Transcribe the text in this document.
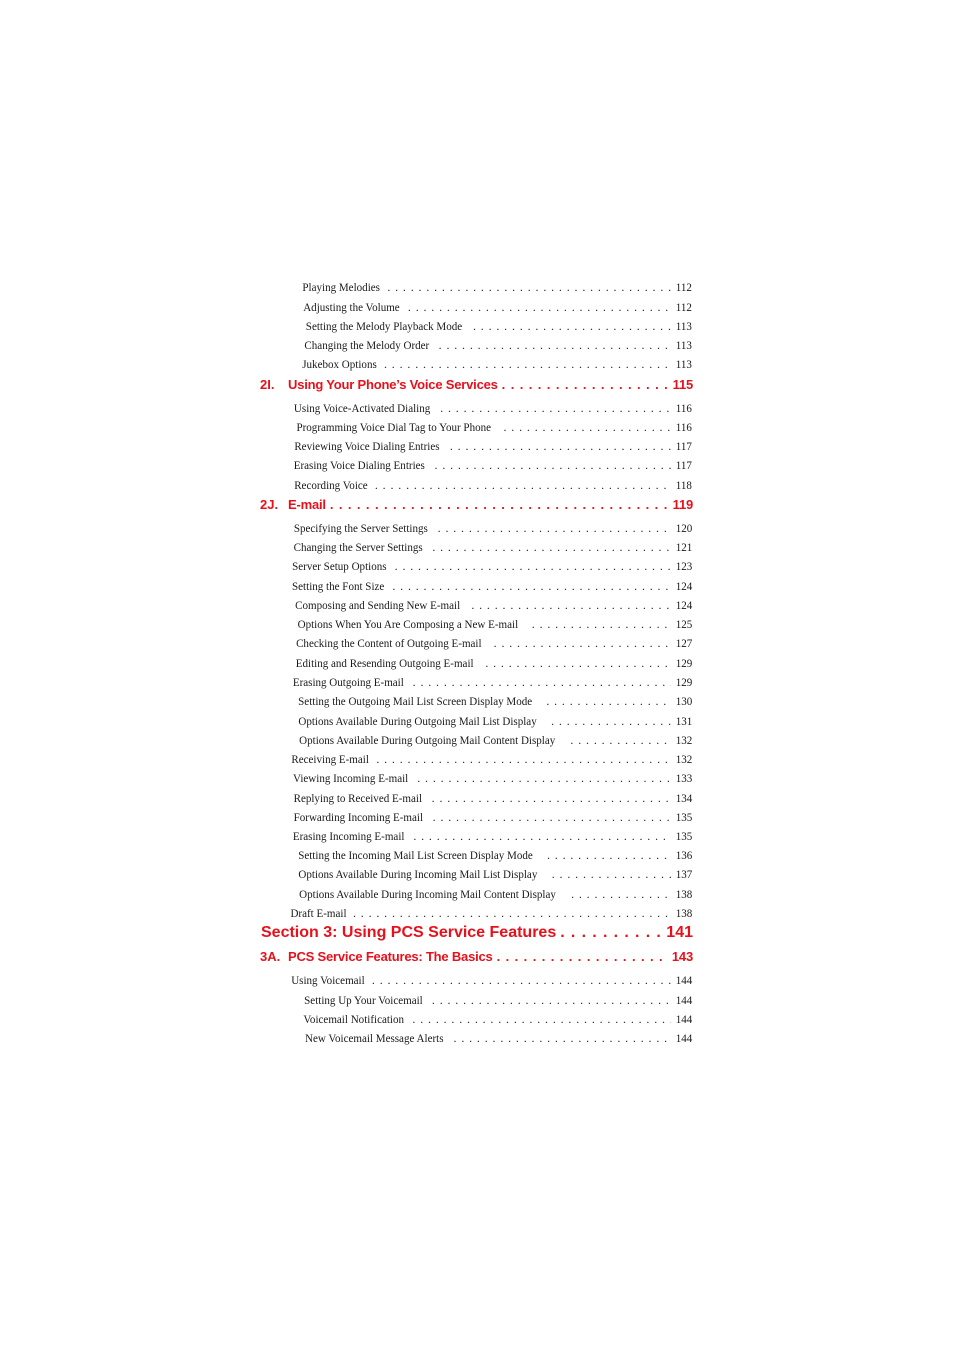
Playing Melodies . . .	112
Adjusting the Volume . . .	112
Setting the Melody Playback Mode . . .	113
Changing the Melody Order . . .	113
Jukebox Options . . .	113
2I. Using Your Phone’s Voice Services . . .	115
Using Voice-Activated Dialing . . .	116
Programming Voice Dial Tag to Your Phone . . .	116
Reviewing Voice Dialing Entries . . .	117
Erasing Voice Dialing Entries . . .	117
Recording Voice . . .	118
2J. E-mail . . .	119
Specifying the Server Settings . . .	120
Changing the Server Settings . . .	121
Server Setup Options . . .	123
Setting the Font Size . . .	124
Composing and Sending New E-mail . . .	124
Options When You Are Composing a New E-mail . . .	125
Checking the Content of Outgoing E-mail . . .	127
Editing and Resending Outgoing E-mail . . .	129
Erasing Outgoing E-mail . . .	129
Setting the Outgoing Mail List Screen Display Mode . . .	130
Options Available During Outgoing Mail List Display . . .	131
Options Available During Outgoing Mail Content Display . . .	132
Receiving E-mail . . .	132
Viewing Incoming E-mail . . .	133
Replying to Received E-mail . . .	134
Forwarding Incoming E-mail . . .	135
Erasing Incoming E-mail . . .	135
Setting the Incoming Mail List Screen Display Mode . . .	136
Options Available During Incoming Mail List Display . . .	137
Options Available During Incoming Mail Content Display . . .	138
Draft E-mail . . .	138
Section 3: Using PCS Service Features . . .	141
3A. PCS Service Features: The Basics . . .	143
Using Voicemail . . .	144
Setting Up Your Voicemail . . .	144
Voicemail Notification . . .	144
New Voicemail Message Alerts . . .	144
